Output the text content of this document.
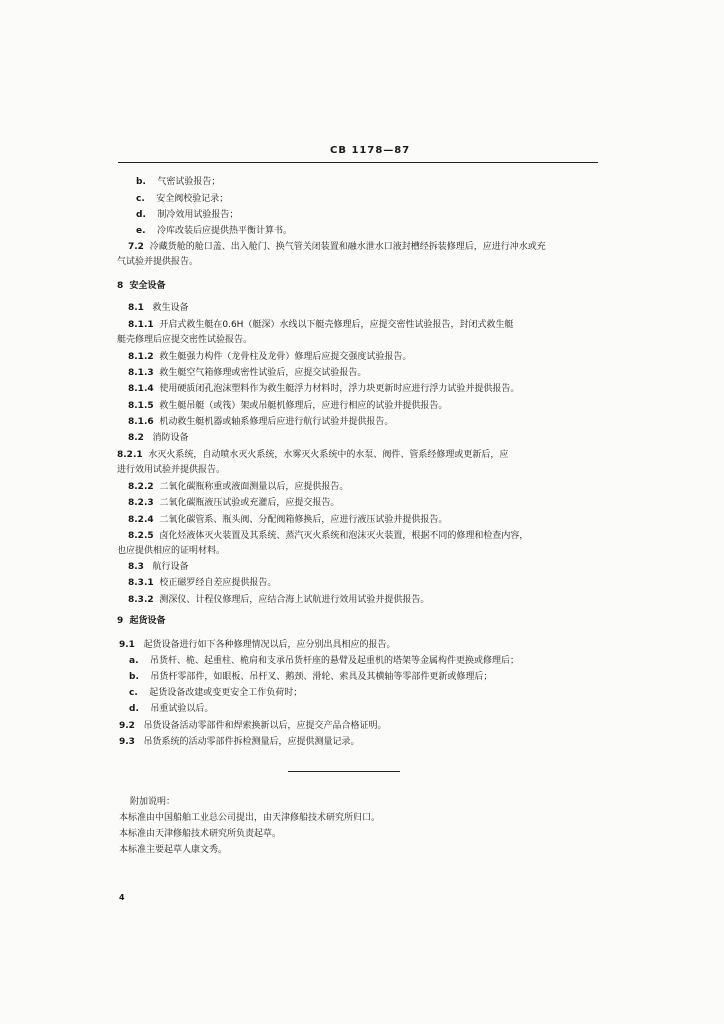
CB 1178—87
b. 气密试验报告；
c. 安全阀校验记录；
d. 制冷效用试验报告；
e. 冷库改装后应提供热平衡计算书。
7.2 冷藏货舱的舱口盖、出入舱门、换气管关闭装置和融水泄水口液封槽经拆装修理后，应进行冲水或充
气试验并提供报告。
8 安全设备
8.1 救生设备
8.1.1 开启式救生艇在0.6H（艇深）水线以下艇壳修理后，应提交密性试验报告，封闭式救生艇
艇壳修理后应提交密性试验报告。
8.1.2 救生艇强力构件（龙骨柱及龙骨）修理后应提交强度试验报告。
8.1.3 救生艇空气箱修理或密性试验后，应提交试验报告。
8.1.4 使用硬质闭孔泡沫塑料作为救生艇浮力材料时，浮力块更新时应进行浮力试验并提供报告。
8.1.5 救生艇吊艇（或筏）架或吊艇机修理后，应进行相应的试验并提供报告。
8.1.6 机动救生艇机器或轴系修理后应进行航行试验并提供报告。
8.2 消防设备
8.2.1 水灭火系统，自动喷水灭火系统，水雾灭火系统中的水泵、阀件、管系经修理或更新后，应
进行效用试验并提供报告。
8.2.2 二氧化碳瓶称重或液面测量以后，应提供报告。
8.2.3 二氧化碳瓶液压试验或充灌后，应提交报告。
8.2.4 二氧化碳管系、瓶头阀、分配阀箱修换后，应进行液压试验并提供报告。
8.2.5 卤化烃液体灭火装置及其系统、蒸汽灭火系统和泡沫灭火装置，根据不同的修理和检查内容，
也应提供相应的证明材料。
8.3 航行设备
8.3.1 校正磁罗经自差应提供报告。
8.3.2 测深仪、计程仪修理后，应结合海上试航进行效用试验并提供报告。
9 起货设备
9.1 起货设备进行如下各种修理情况以后，应分别出具相应的报告。
a. 吊货杆、桅、起重柱、桅肩和支承吊货杆座的悬臂及起重机的塔架等金属构件更换或修理后；
b. 吊货杆零部件，如眼板、吊杆叉、鹅颈、滑轮、索具及其横轴等零部件更新或修理后；
c. 起货设备改建或变更安全工作负荷时；
d. 吊重试验以后。
9.2 吊货设备活动零部件和焊索换新以后，应提交产品合格证明。
9.3 吊货系统的活动零部件拆检测量后，应提供测量记录。
附加说明：
本标准由中国船舶工业总公司提出，由天津修船技术研究所归口。
本标准由天津修船技术研究所负责起草。
本标准主要起草人康文秀。
4
